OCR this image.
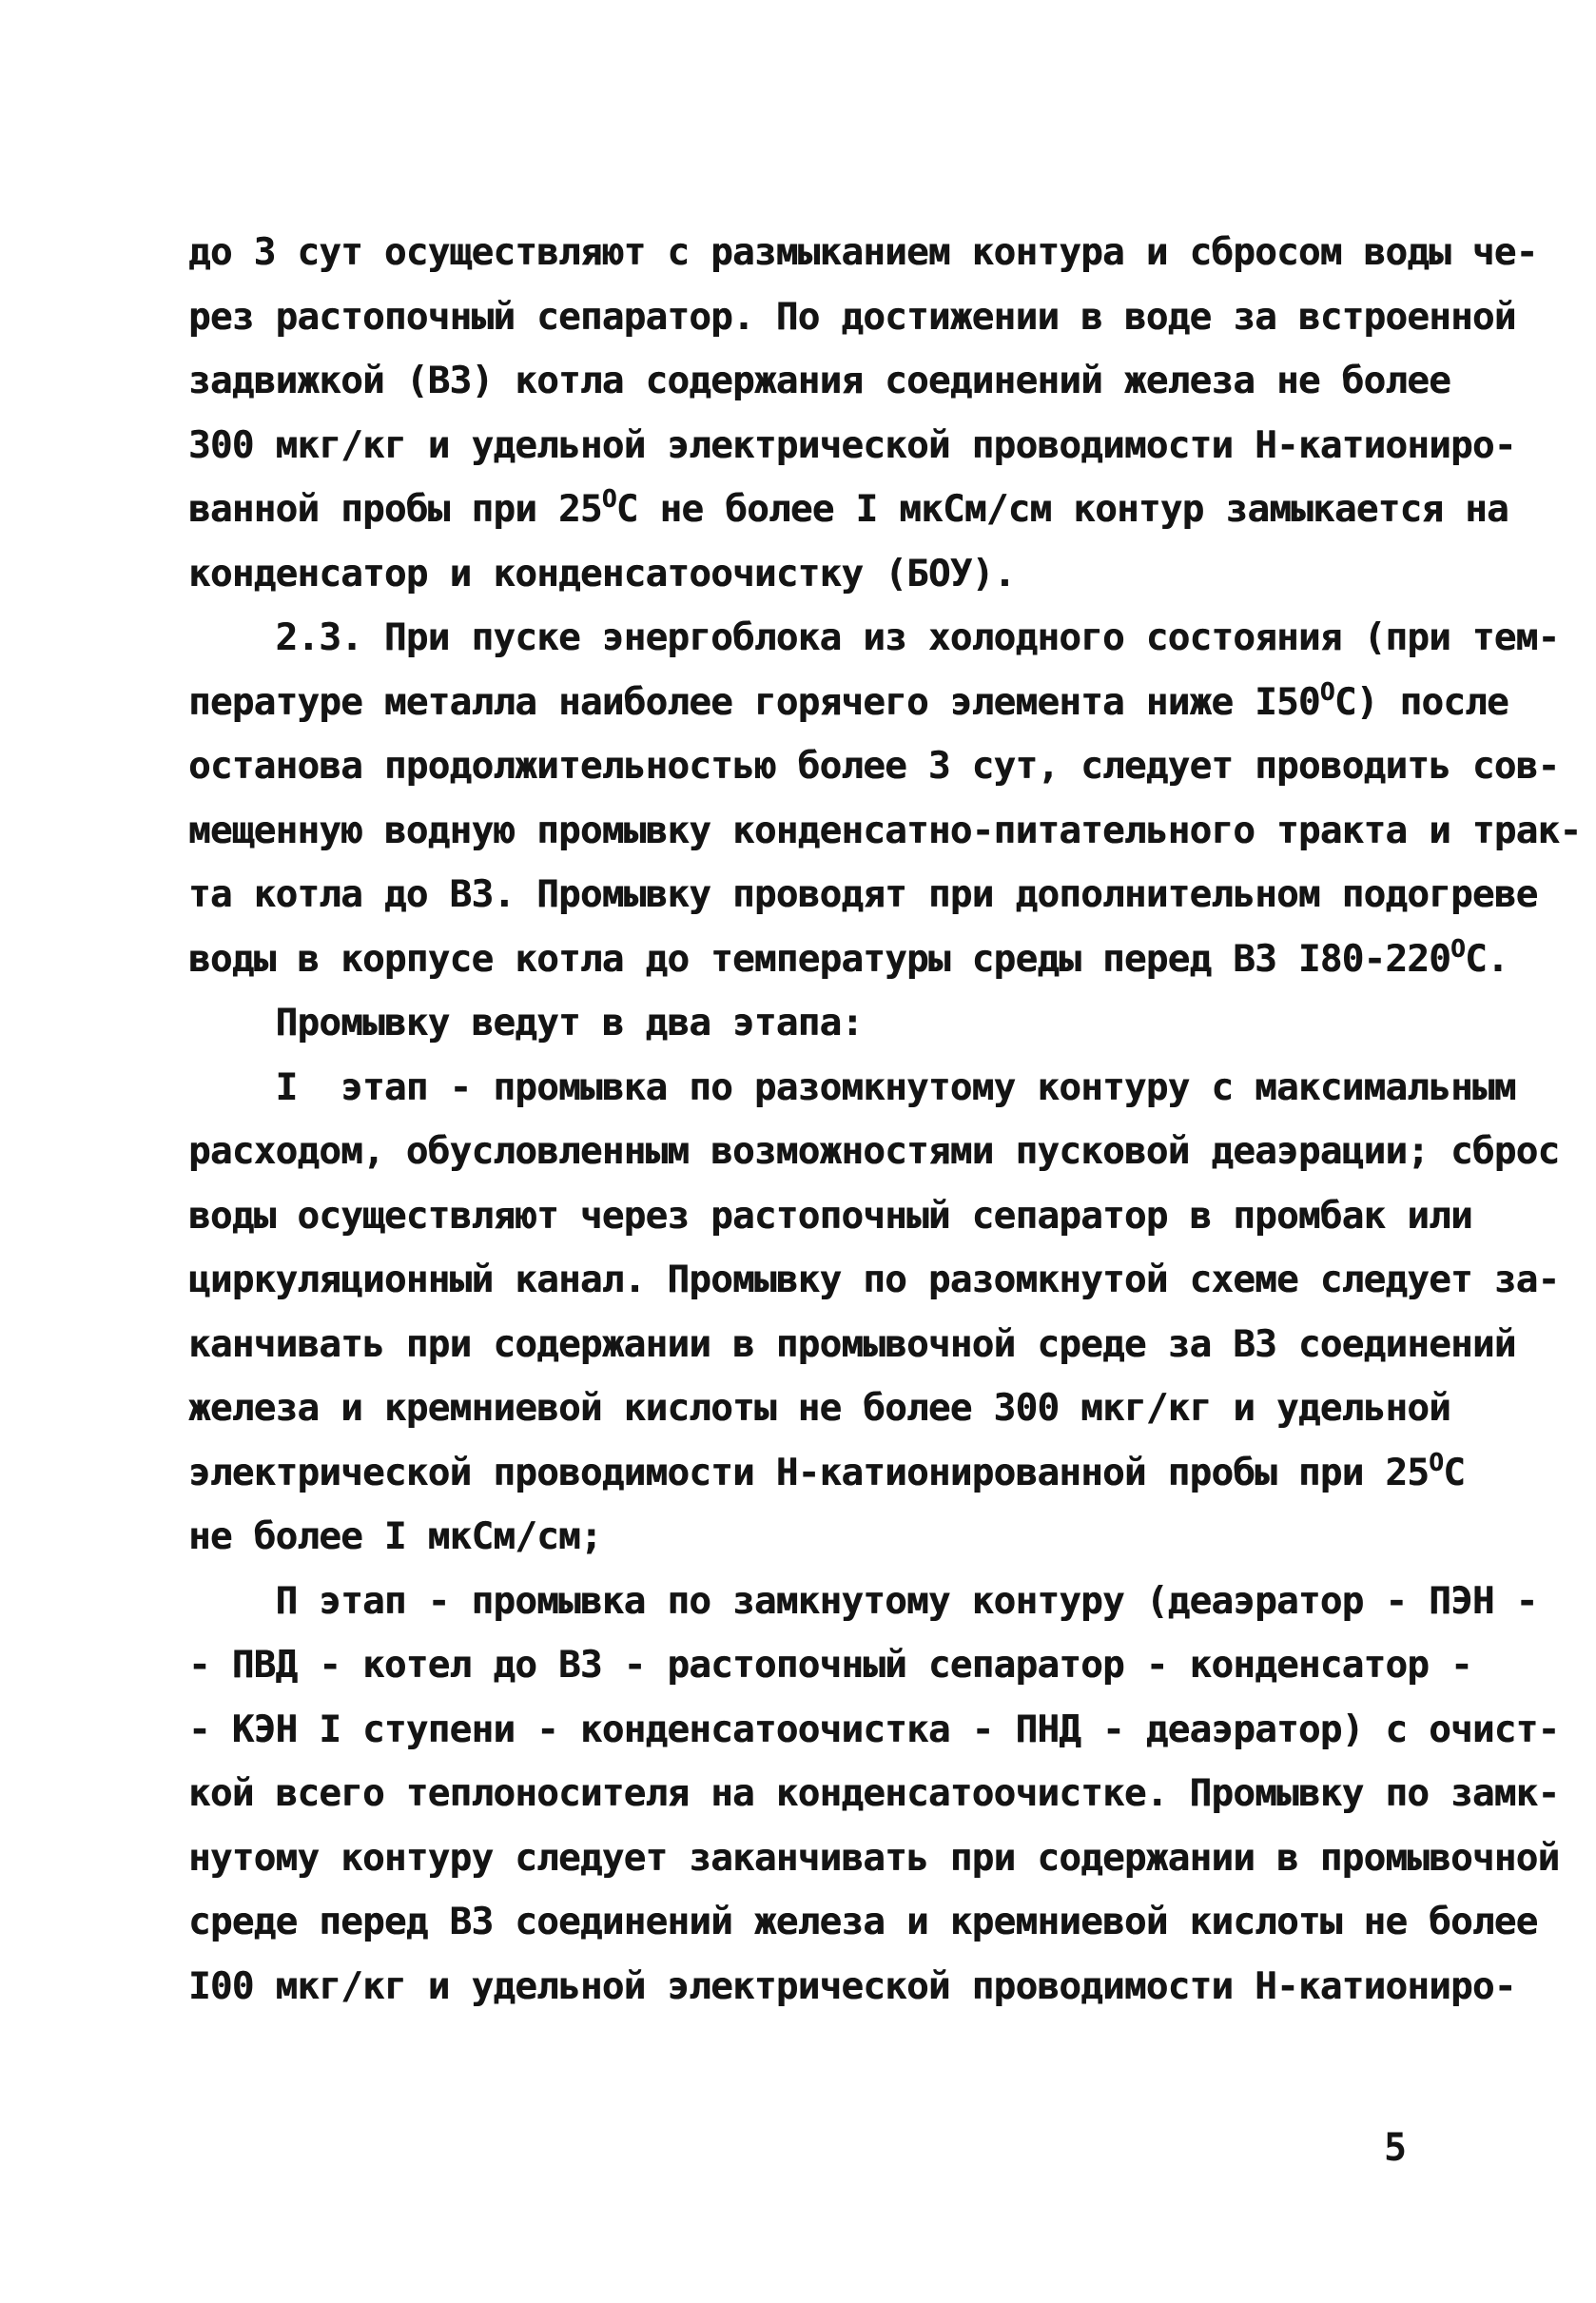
до 3 сут осуществляют с размыканием контура и сбросом воды че-
рез растопочный сепаратор. По достижении в воде за встроенной
задвижкой (ВЗ) котла содержания соединений железа не более
300 мкг/кг и удельной электрической проводимости Н-катиониро-
ванной пробы при $25^ОС$ не более I мкСм/см контур замыкается на
конденсатор и конденсатоочистку (БОУ).
2.3. При пуске энергоблока из холодного состояния (при тем-
пературе металла наиболее горячего элемента ниже $I50^ОС$) после
останова продолжительностью более 3 сут, следует проводить сов-
мещенную водную промывку конденсатно-питательного тракта и трак-
та котла до ВЗ. Промывку проводят при дополнительном подогреве
воды в корпусе котла до температуры среды перед ВЗ $I80-220^ОС$.
Промывку ведут в два этапа:
I  этап - промывка по разомкнутому контуру с максимальным
расходом, обусловленным возможностями пусковой деаэрации; сброс
воды осуществляют через растопочный сепаратор в промбак или
циркуляционный канал. Промывку по разомкнутой схеме следует за-
канчивать при содержании в промывочной среде за ВЗ соединений
железа и кремниевой кислоты не более 300 мкг/кг и удельной
электрической проводимости Н-катионированной пробы при $25^ОС$
не более I мкСм/см;
П этап - промывка по замкнутому контуру (деаэратор - ПЭН -
- ПВД - котел до ВЗ - растопочный сепаратор - конденсатор -
- КЭН I ступени - конденсатоочистка - ПНД - деаэратор) с очист-
кой всего теплоносителя на конденсатоочистке. Промывку по замк-
нутому контуру следует заканчивать при содержании в промывочной
среде перед ВЗ соединений железа и кремниевой кислоты не более
I00 мкг/кг и удельной электрической проводимости Н-катиониро-
5
